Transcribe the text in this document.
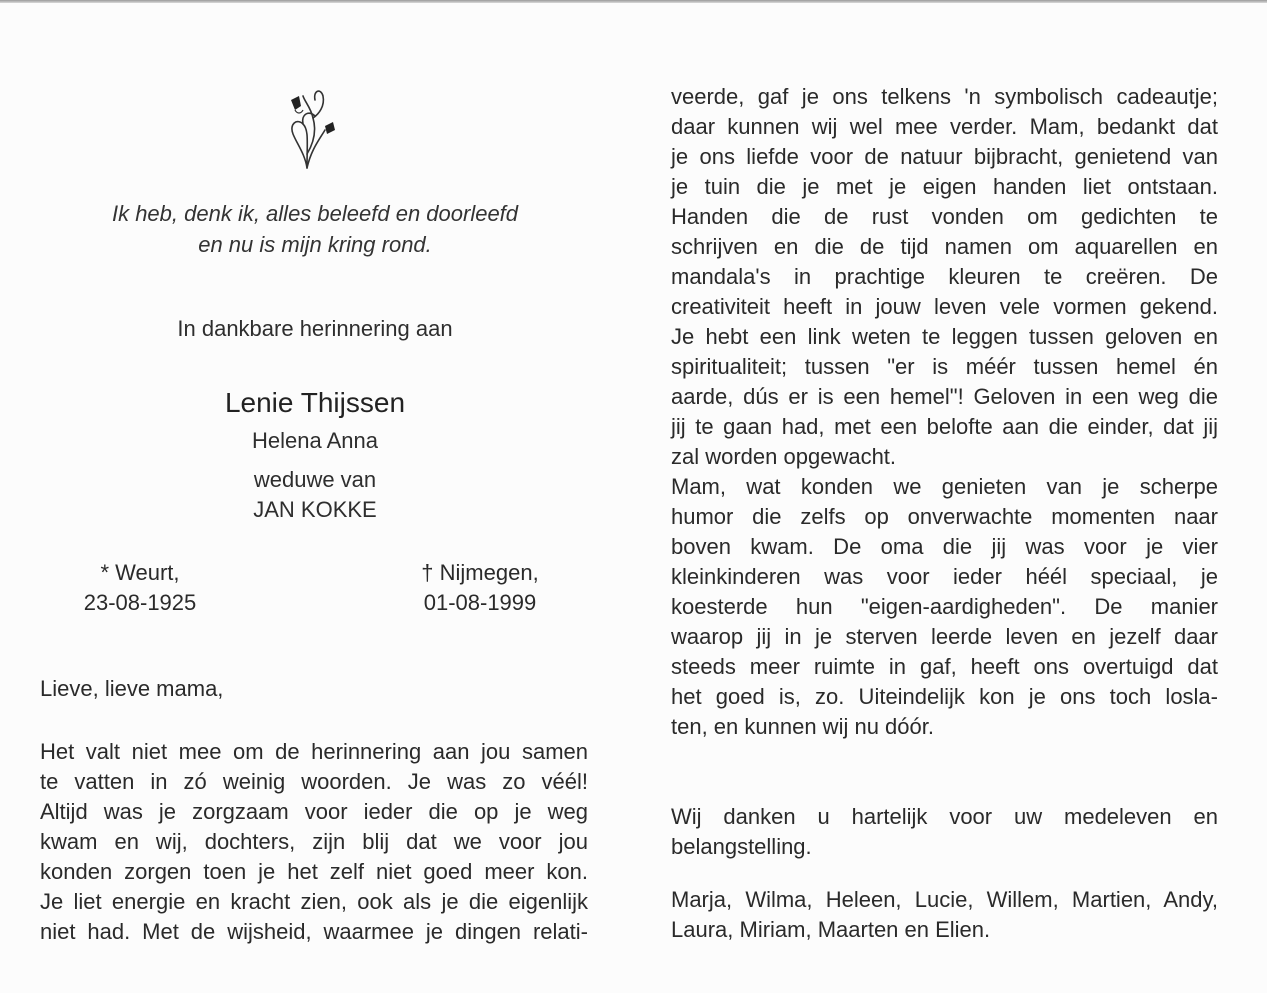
Ik heb, denk ik, alles beleefd en doorleefd
en nu is mijn kring rond.
In dankbare herinnering aan
Lenie Thijssen
Helena Anna
weduwe van
JAN KOKKE
* Weurt,
23-08-1925
† Nijmegen,
01-08-1999
Lieve, lieve mama,
Het valt niet mee om de herinnering aan jou samen
te vatten in zó weinig woorden. Je was zo véél!
Altijd was je zorgzaam voor ieder die op je weg
kwam en wij, dochters, zijn blij dat we voor jou
konden zorgen toen je het zelf niet goed meer kon.
Je liet energie en kracht zien, ook als je die eigenlijk
niet had. Met de wijsheid, waarmee je dingen relati-
veerde, gaf je ons telkens 'n symbolisch cadeautje;
daar kunnen wij wel mee verder. Mam, bedankt dat
je ons liefde voor de natuur bijbracht, genietend van
je tuin die je met je eigen handen liet ontstaan.
Handen die de rust vonden om gedichten te
schrijven en die de tijd namen om aquarellen en
mandala's in prachtige kleuren te creëren. De
creativiteit heeft in jouw leven vele vormen gekend.
Je hebt een link weten te leggen tussen geloven en
spiritualiteit; tussen "er is méér tussen hemel én
aarde, dús er is een hemel"! Geloven in een weg die
jij te gaan had, met een belofte aan die einder, dat jij
zal worden opgewacht.
Mam, wat konden we genieten van je scherpe
humor die zelfs op onverwachte momenten naar
boven kwam. De oma die jij was voor je vier
kleinkinderen was voor ieder héél speciaal, je
koesterde hun "eigen-aardigheden". De manier
waarop jij in je sterven leerde leven en jezelf daar
steeds meer ruimte in gaf, heeft ons overtuigd dat
het goed is, zo. Uiteindelijk kon je ons toch losla-
ten, en kunnen wij nu dóór.
Wij danken u hartelijk voor uw medeleven en
belangstelling.
Marja, Wilma, Heleen, Lucie, Willem, Martien, Andy,
Laura, Miriam, Maarten en Elien.
